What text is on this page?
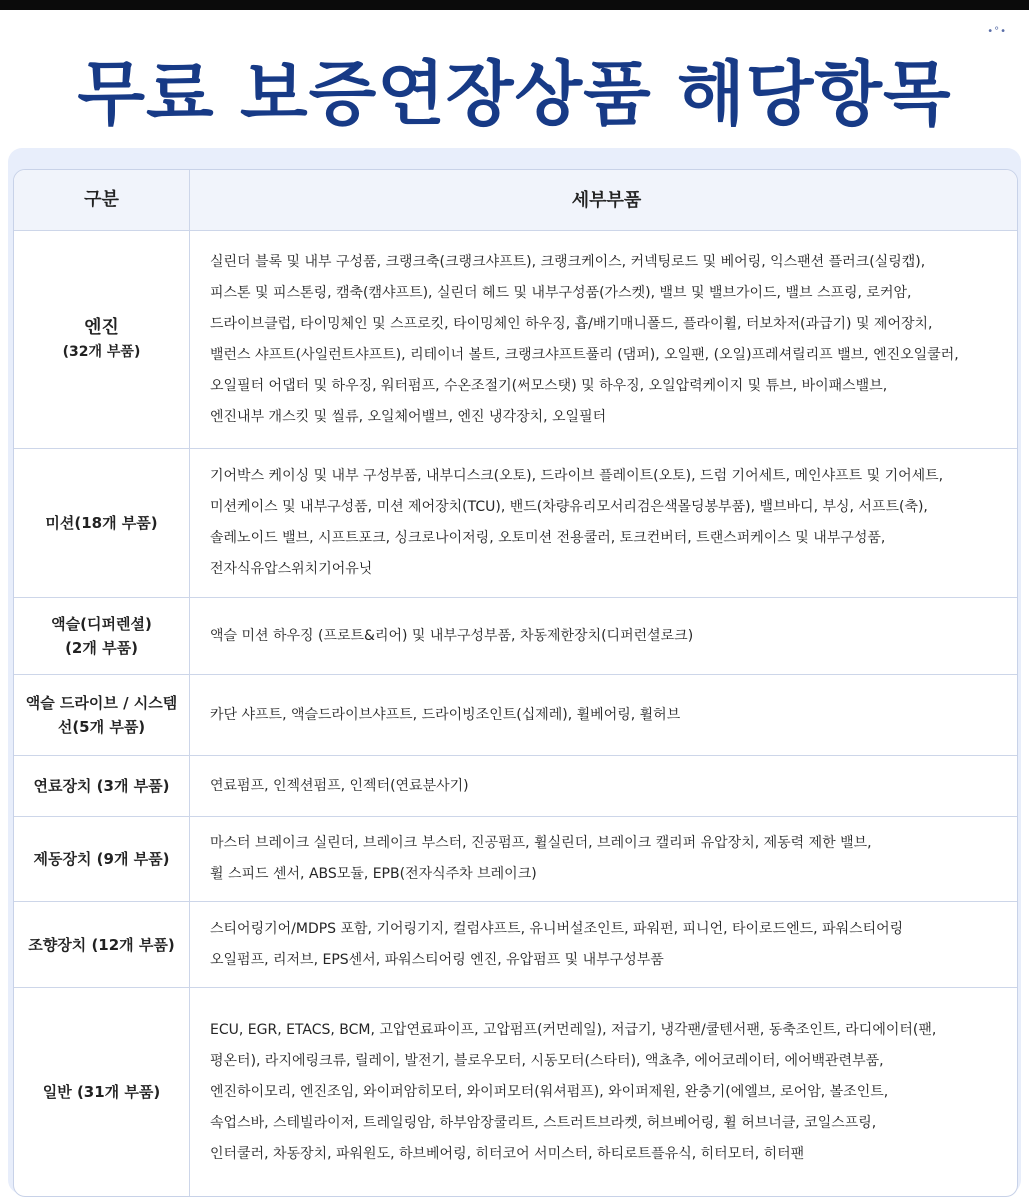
•°•
무료 보증연장상품 해당항목
구분	세부부품
엔진
(32개 부품)
실린더 블록 및 내부 구성품, 크랭크축(크랭크샤프트), 크랭크케이스, 커넥팅로드 및 베어링, 익스팬션 플러크(실링캡),
피스톤 및 피스톤링, 캠축(캠샤프트), 실린더 헤드 및 내부구성품(가스켓), 밸브 및 밸브가이드, 밸브 스프링, 로커암,
드라이브클럽, 타이밍체인 및 스프로킷, 타이밍체인 하우징, 흡/배기매니폴드, 플라이휠, 터보차저(과급기) 및 제어장치,
밸런스 샤프트(사일런트샤프트), 리테이너 볼트, 크랭크샤프트풀리 (댐퍼), 오일팬, (오일)프레셔릴리프 밸브, 엔진오일쿨러,
오일필터 어댑터 및 하우징, 워터펌프, 수온조절기(써모스탯) 및 하우징, 오일압력케이지 및 튜브, 바이패스밸브,
엔진내부 개스킷 및 씰류, 오일체어밸브, 엔진 냉각장치, 오일필터
미션(18개 부품)
기어박스 케이싱 및 내부 구성부품, 내부디스크(오토), 드라이브 플레이트(오토), 드럼 기어세트, 메인샤프트 및 기어세트,
미션케이스 및 내부구성품, 미션 제어장치(TCU), 밴드(차량유리모서리검은색몰딩봉부품), 밸브바디, 부싱, 서프트(축),
솔레노이드 밸브, 시프트포크, 싱크로나이저링, 오토미션 전용쿨러, 토크컨버터, 트랜스퍼케이스 및 내부구성품,
전자식유압스위치기어유닛
액슬(디퍼렌셜)
(2개 부품)
액슬 미션 하우징 (프로트&리어) 및 내부구성부품, 차동제한장치(디퍼런셜로크)
액슬 드라이브 / 시스템
선(5개 부품)
카단 샤프트, 액슬드라이브샤프트, 드라이빙조인트(십제레), 휠베어링, 휠허브
연료장치 (3개 부품)	연료펌프, 인젝션펌프, 인젝터(연료분사기)
제동장치 (9개 부품)
마스터 브레이크 실린더, 브레이크 부스터, 진공펌프, 휠실린더, 브레이크 캘리퍼 유압장치, 제동력 제한 밸브,
휠 스피드 센서, ABS모듈, EPB(전자식주차 브레이크)
조향장치 (12개 부품)
스티어링기어/MDPS 포함, 기어링기지, 컬럼샤프트, 유니버설조인트, 파워펀, 피니언, 타이로드엔드, 파워스티어링
오일펌프, 리저브, EPS센서, 파워스티어링 엔진, 유압펌프 및 내부구성부품
일반 (31개 부품)
ECU, EGR, ETACS, BCM, 고압연료파이프, 고압펌프(커먼레일), 저급기, 냉각팬/쿨텐서팬, 동축조인트, 라디에이터(팬,
평온터), 라지에링크류, 릴레이, 발전기, 블로우모터, 시동모터(스타터), 액쵸추, 에어코레이터, 에어백관련부품,
엔진하이모리, 엔진조임, 와이퍼암히모터, 와이퍼모터(워셔펌프), 와이퍼제원, 완충기(에엘브, 로어암, 볼조인트,
속업스바, 스테빌라이저, 트레일링암, 하부암장쿨리트, 스트러트브라켓, 허브베어링, 휠 허브너클, 코일스프링,
인터쿨러, 차동장치, 파워원도, 하브베어링, 히터코어 서미스터, 하티로트플유식, 히터모터, 히터팬
